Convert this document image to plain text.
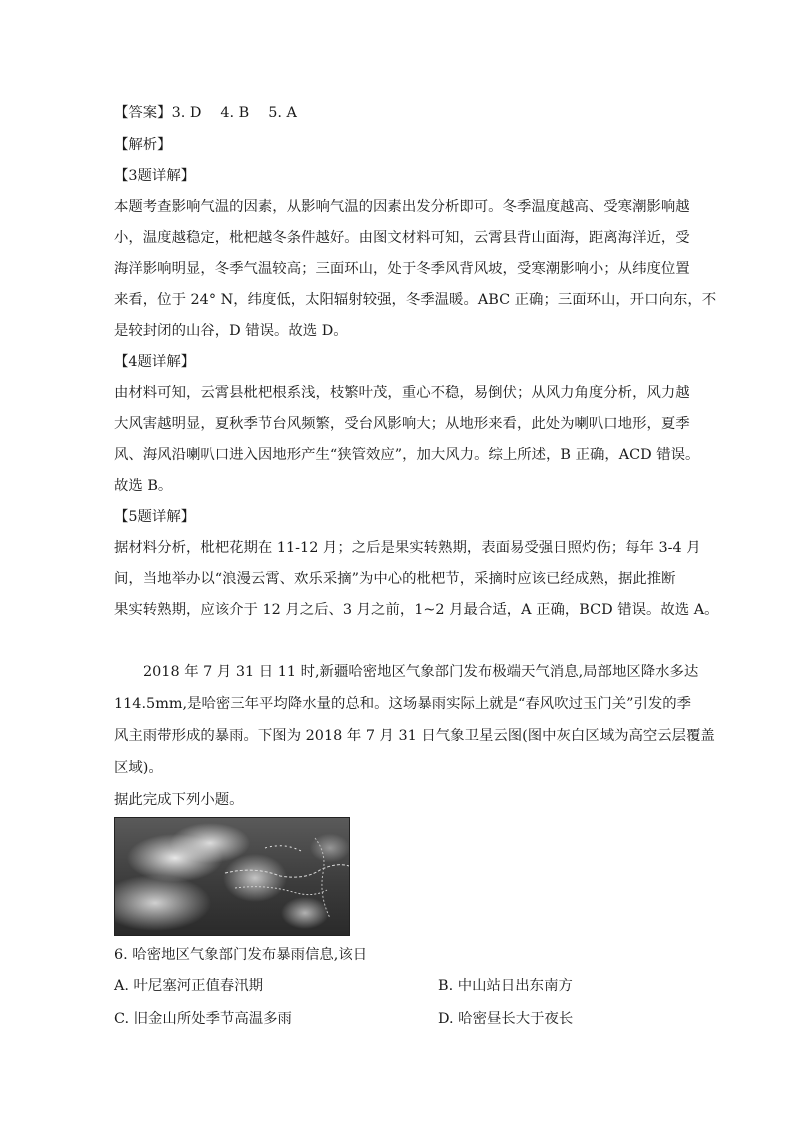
【答案】3. D　 4. B　 5. A
【解析】
【3题详解】
本题考查影响气温的因素，从影响气温的因素出发分析即可。冬季温度越高、受寒潮影响越
小，温度越稳定，枇杷越冬条件越好。由图文材料可知，云霄县背山面海，距离海洋近，受
海洋影响明显，冬季气温较高；三面环山，处于冬季风背风坡，受寒潮影响小；从纬度位置
来看，位于 24° N，纬度低，太阳辐射较强，冬季温暖。ABC 正确；三面环山，开口向东，不
是较封闭的山谷，D 错误。故选 D。
【4题详解】
由材料可知，云霄县枇杷根系浅，枝繁叶茂，重心不稳，易倒伏；从风力角度分析，风力越
大风害越明显，夏秋季节台风频繁，受台风影响大；从地形来看，此处为喇叭口地形，夏季
风、海风沿喇叭口进入因地形产生“狭管效应”，加大风力。综上所述，B 正确，ACD 错误。
故选 B。
【5题详解】
据材料分析，枇杷花期在 11-12 月；之后是果实转熟期，表面易受强日照灼伤；每年 3-4 月
间，当地举办以“浪漫云霄、欢乐采摘”为中心的枇杷节，采摘时应该已经成熟，据此推断
果实转熟期，应该介于 12 月之后、3 月之前，1~2 月最合适，A 正确，BCD 错误。故选 A。
2018 年 7 月 31 日 11 时,新疆哈密地区气象部门发布极端天气消息,局部地区降水多达
114.5mm,是哈密三年平均降水量的总和。这场暴雨实际上就是“春风吹过玉门关”引发的季
风主雨带形成的暴雨。下图为 2018 年 7 月 31 日气象卫星云图(图中灰白区域为高空云层覆盖
区域)。
据此完成下列小题。
6. 哈密地区气象部门发布暴雨信息,该日
A. 叶尼塞河正值春汛期	B. 中山站日出东南方
C. 旧金山所处季节高温多雨	D. 哈密昼长大于夜长
